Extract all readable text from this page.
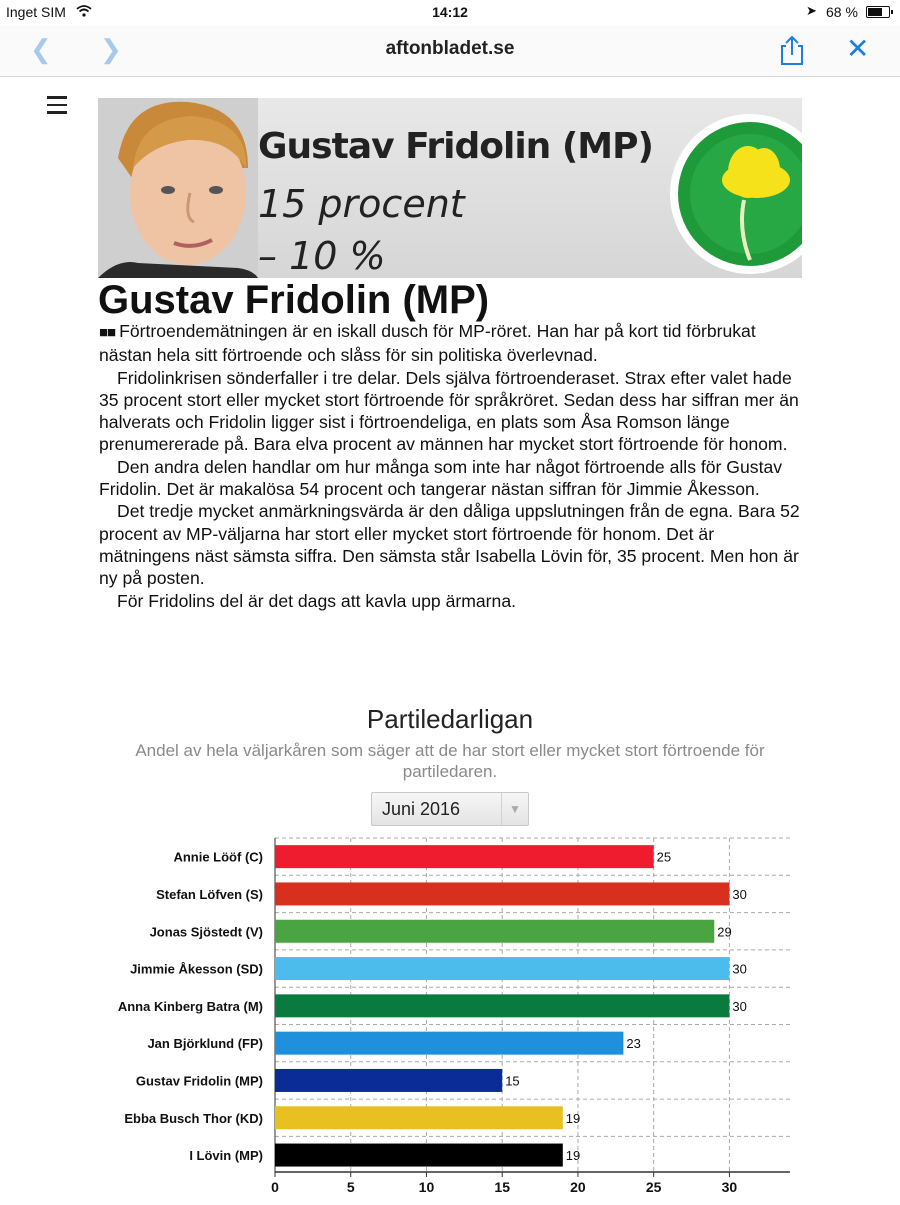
Inget SIM	14:12	➤ 68 %
❮ ❯	aftonbladet.se	✕
Gustav Fridolin (MP)
15 procent
– 10 %
Gustav Fridolin (MP)

■■ Förtroendemätningen är en iskall dusch för MP-röret. Han har på kort tid förbrukat nästan hela sitt förtroende och slåss för sin politiska överlevnad.

Fridolinkrisen sönderfaller i tre delar. Dels själva förtroenderaset. Strax efter valet hade 35 procent stort eller mycket stort förtroende för språkröret. Sedan dess har siffran mer än halverats och Fridolin ligger sist i förtroendeliga, en plats som Åsa Romson länge prenumererade på. Bara elva procent av männen har mycket stort förtroende för honom.

Den andra delen handlar om hur många som inte har något förtroende alls för Gustav Fridolin. Det är makalösa 54 procent och tangerar nästan siffran för Jimmie Åkesson.

Det tredje mycket anmärkningsvärda är den dåliga uppslutningen från de egna. Bara 52 procent av MP-väljarna har stort eller mycket stort förtroende för honom. Det är mätningens näst sämsta siffra. Den sämsta står Isabella Lövin för, 35 procent. Men hon är ny på posten.

För Fridolins del är det dags att kavla upp ärmarna.

Partiledarligan
Andel av hela väljarkåren som säger att de har stort eller mycket stort förtroende för partiledaren.
Juni 2016	▼
Annie Lööf (C)	25
Stefan Löfven (S)	30
Jonas Sjöstedt (V)	29
Jimmie Åkesson (SD)	30
Anna Kinberg Batra (M)	30
Jan Björklund (FP)	23
Gustav Fridolin (MP)	15
Ebba Busch Thor (KD)	19
I Lövin (MP)	19
0	5	10	15	20	25	30
